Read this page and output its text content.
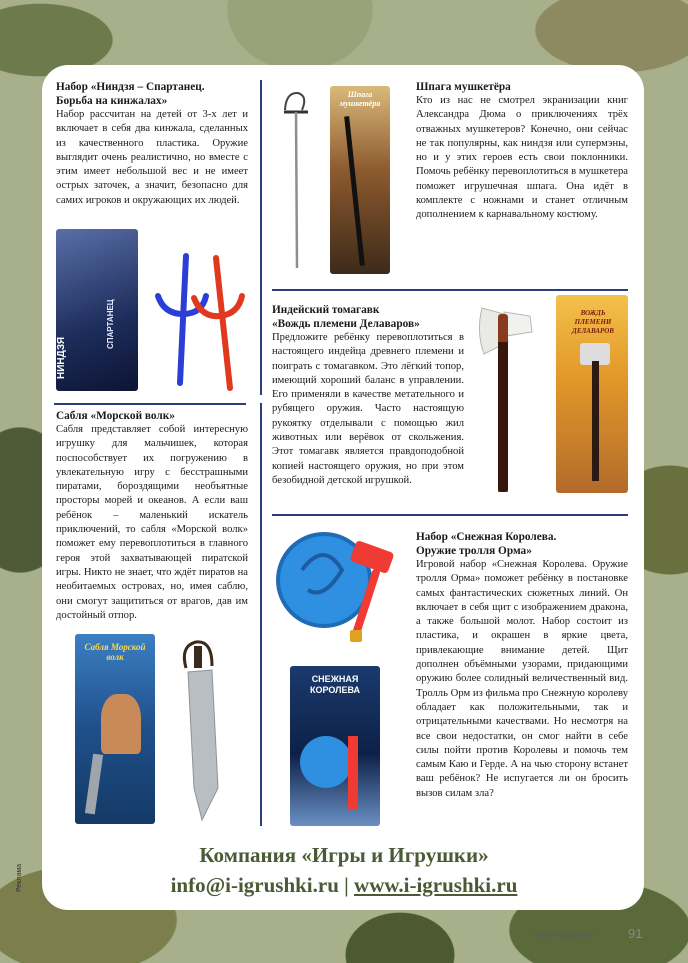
Набор «Ниндзя – Спартанец.
Борьба на кинжалах»

Набор рассчитан на детей от 3-х лет и включает в себя два кинжала, сделанных из качественного пластика. Оружие выглядит очень реалистично, но вместе с этим имеет небольшой вес и не имеет острых заточек, а значит, безопасно для самих игроков и окружающих их людей.

НИНДЗЯ
СПАРТАНЕЦ
Шпага мушкетёра
Шпага мушкетёра

Кто из нас не смотрел экранизации книг Александра Дюма о приключениях трёх отважных мушкетеров? Конечно, они сейчас не так популярны, как ниндзя или супермэны, но и у этих героев есть свои поклонники. Помочь ребёнку перевоплотиться в мушкетера поможет игрушечная шпага. Она идёт в комплекте с ножнами и станет отличным дополнением к карнавальному костюму.

Индейский томагавк
«Вождь племени Делаваров»

Предложите ребёнку перевоплотиться в настоящего индейца древнего племени и поиграть с томагавком. Это лёгкий топор, имеющий хороший баланс в управлении. Его применяли в качестве метательного и рубящего оружия. Часто настоящую рукоятку отделывали с помощью жил животных или верёвок от скольжения. Этот томагавк является правдоподобной копией настоящего оружия, но при этом безобидной детской игрушкой.

ВОЖДЬ ПЛЕМЕНИ ДЕЛАВАРОВ
Сабля «Морской волк»

Сабля представляет собой интересную игрушку для мальчишек, которая поспособствует их погружению в увлекательную игру с бесстрашными пиратами, бороздящими необъятные просторы морей и океанов. А если ваш ребёнок – маленький искатель приключений, то сабля «Морской волк» поможет ему перевоплотиться в главного героя этой захватывающей пиратской игры. Никто не знает, что ждёт пиратов на необитаемых островах, но, имея саблю, они смогут защититься от врагов, дав им достойный отпор.

Сабля Морской волк
СНЕЖНАЯ КОРОЛЕВА
Набор «Снежная Королева.
Оружие тролля Орма»

Игровой набор «Снежная Королева. Оружие тролля Орма» поможет ребёнку в постановке самых фантастических сюжетных линий. Он включает в себя щит с изображением дракона, а также большой молот. Набор состоит из пластика, и окрашен в яркие цвета, привлекающие внимание детей. Щит дополнен объёмными узорами, придающими оружию более солидный величественный вид. Тролль Орм из фильма про Снежную королеву обладает как положительными, так и отрицательными качествами. Но несмотря на все свои недостатки, он смог найти в себе силы пойти против Королевы и помочь тем самым Каю и Герде. А на чью сторону встанет ваш ребёнок? Не испугается ли он бросить вызов силам зла?

Компания «Игры и Игрушки»
info@i-igrushki.ru | www.i-igrushki.ru
Реклама
www.i-igrushki.ru	91
